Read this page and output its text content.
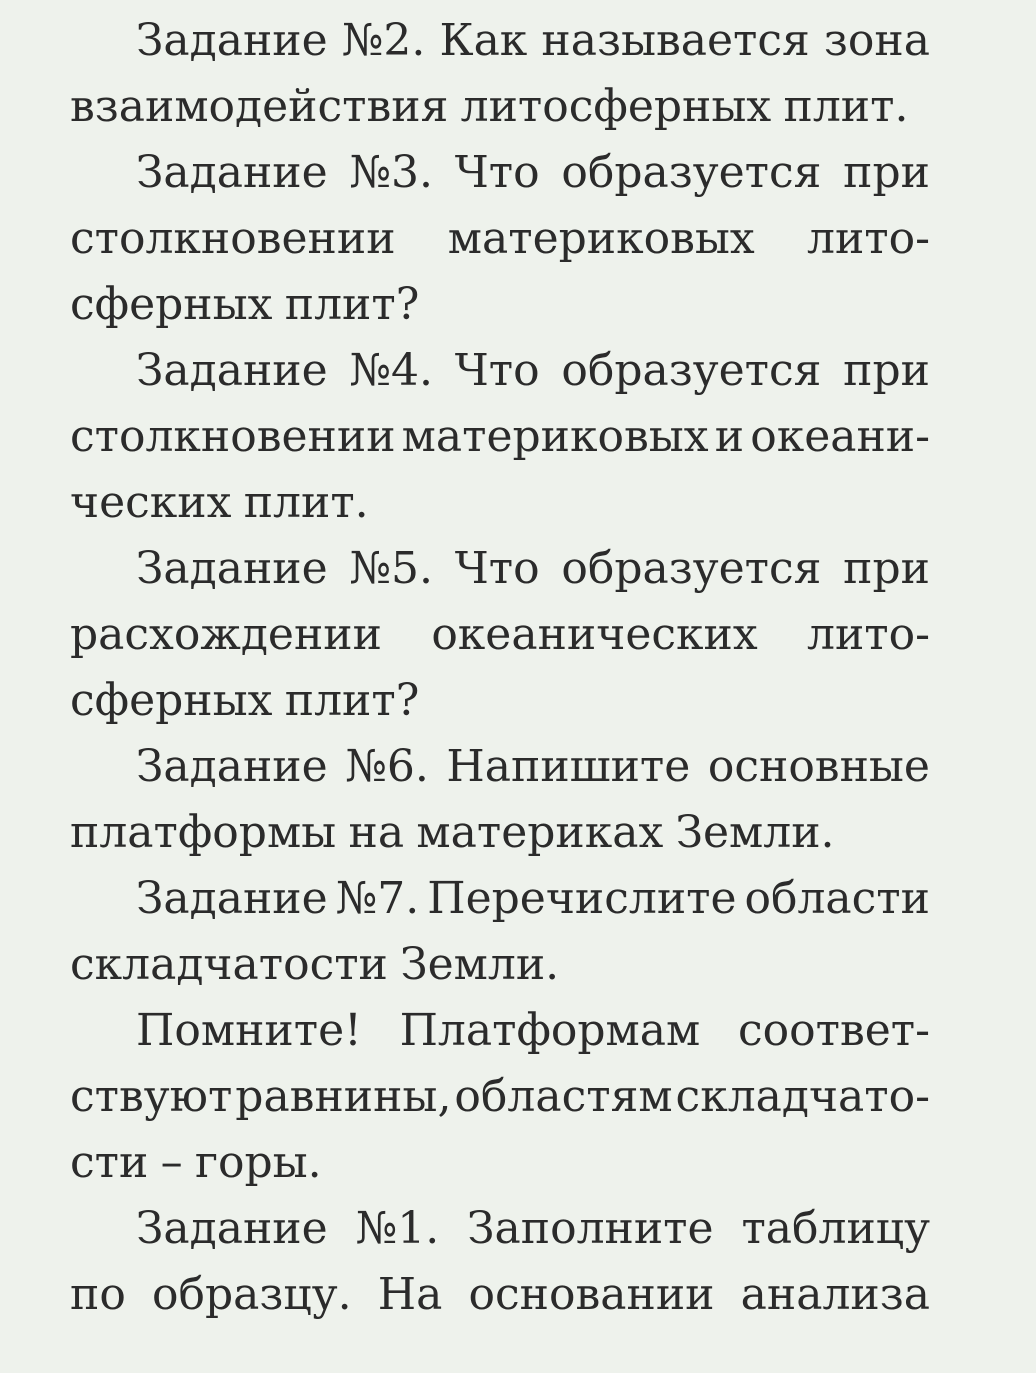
Задание №2. Как называется зона
взаимодействия литосферных плит.
Задание №3. Что образуется при
столкновении материковых лито-
сферных плит?
Задание №4. Что образуется при
столкновении материковых и океани-
ческих плит.
Задание №5. Что образуется при
расхождении океанических лито-
сферных плит?
Задание №6. Напишите основные
платформы на материках Земли.
Задание №7. Перечислите области
складчатости Земли.
Помните! Платформам соответ-
ствуют равнины, областям складчато-
сти – горы.
Задание №1. Заполните таблицу
по образцу. На основании анализа
